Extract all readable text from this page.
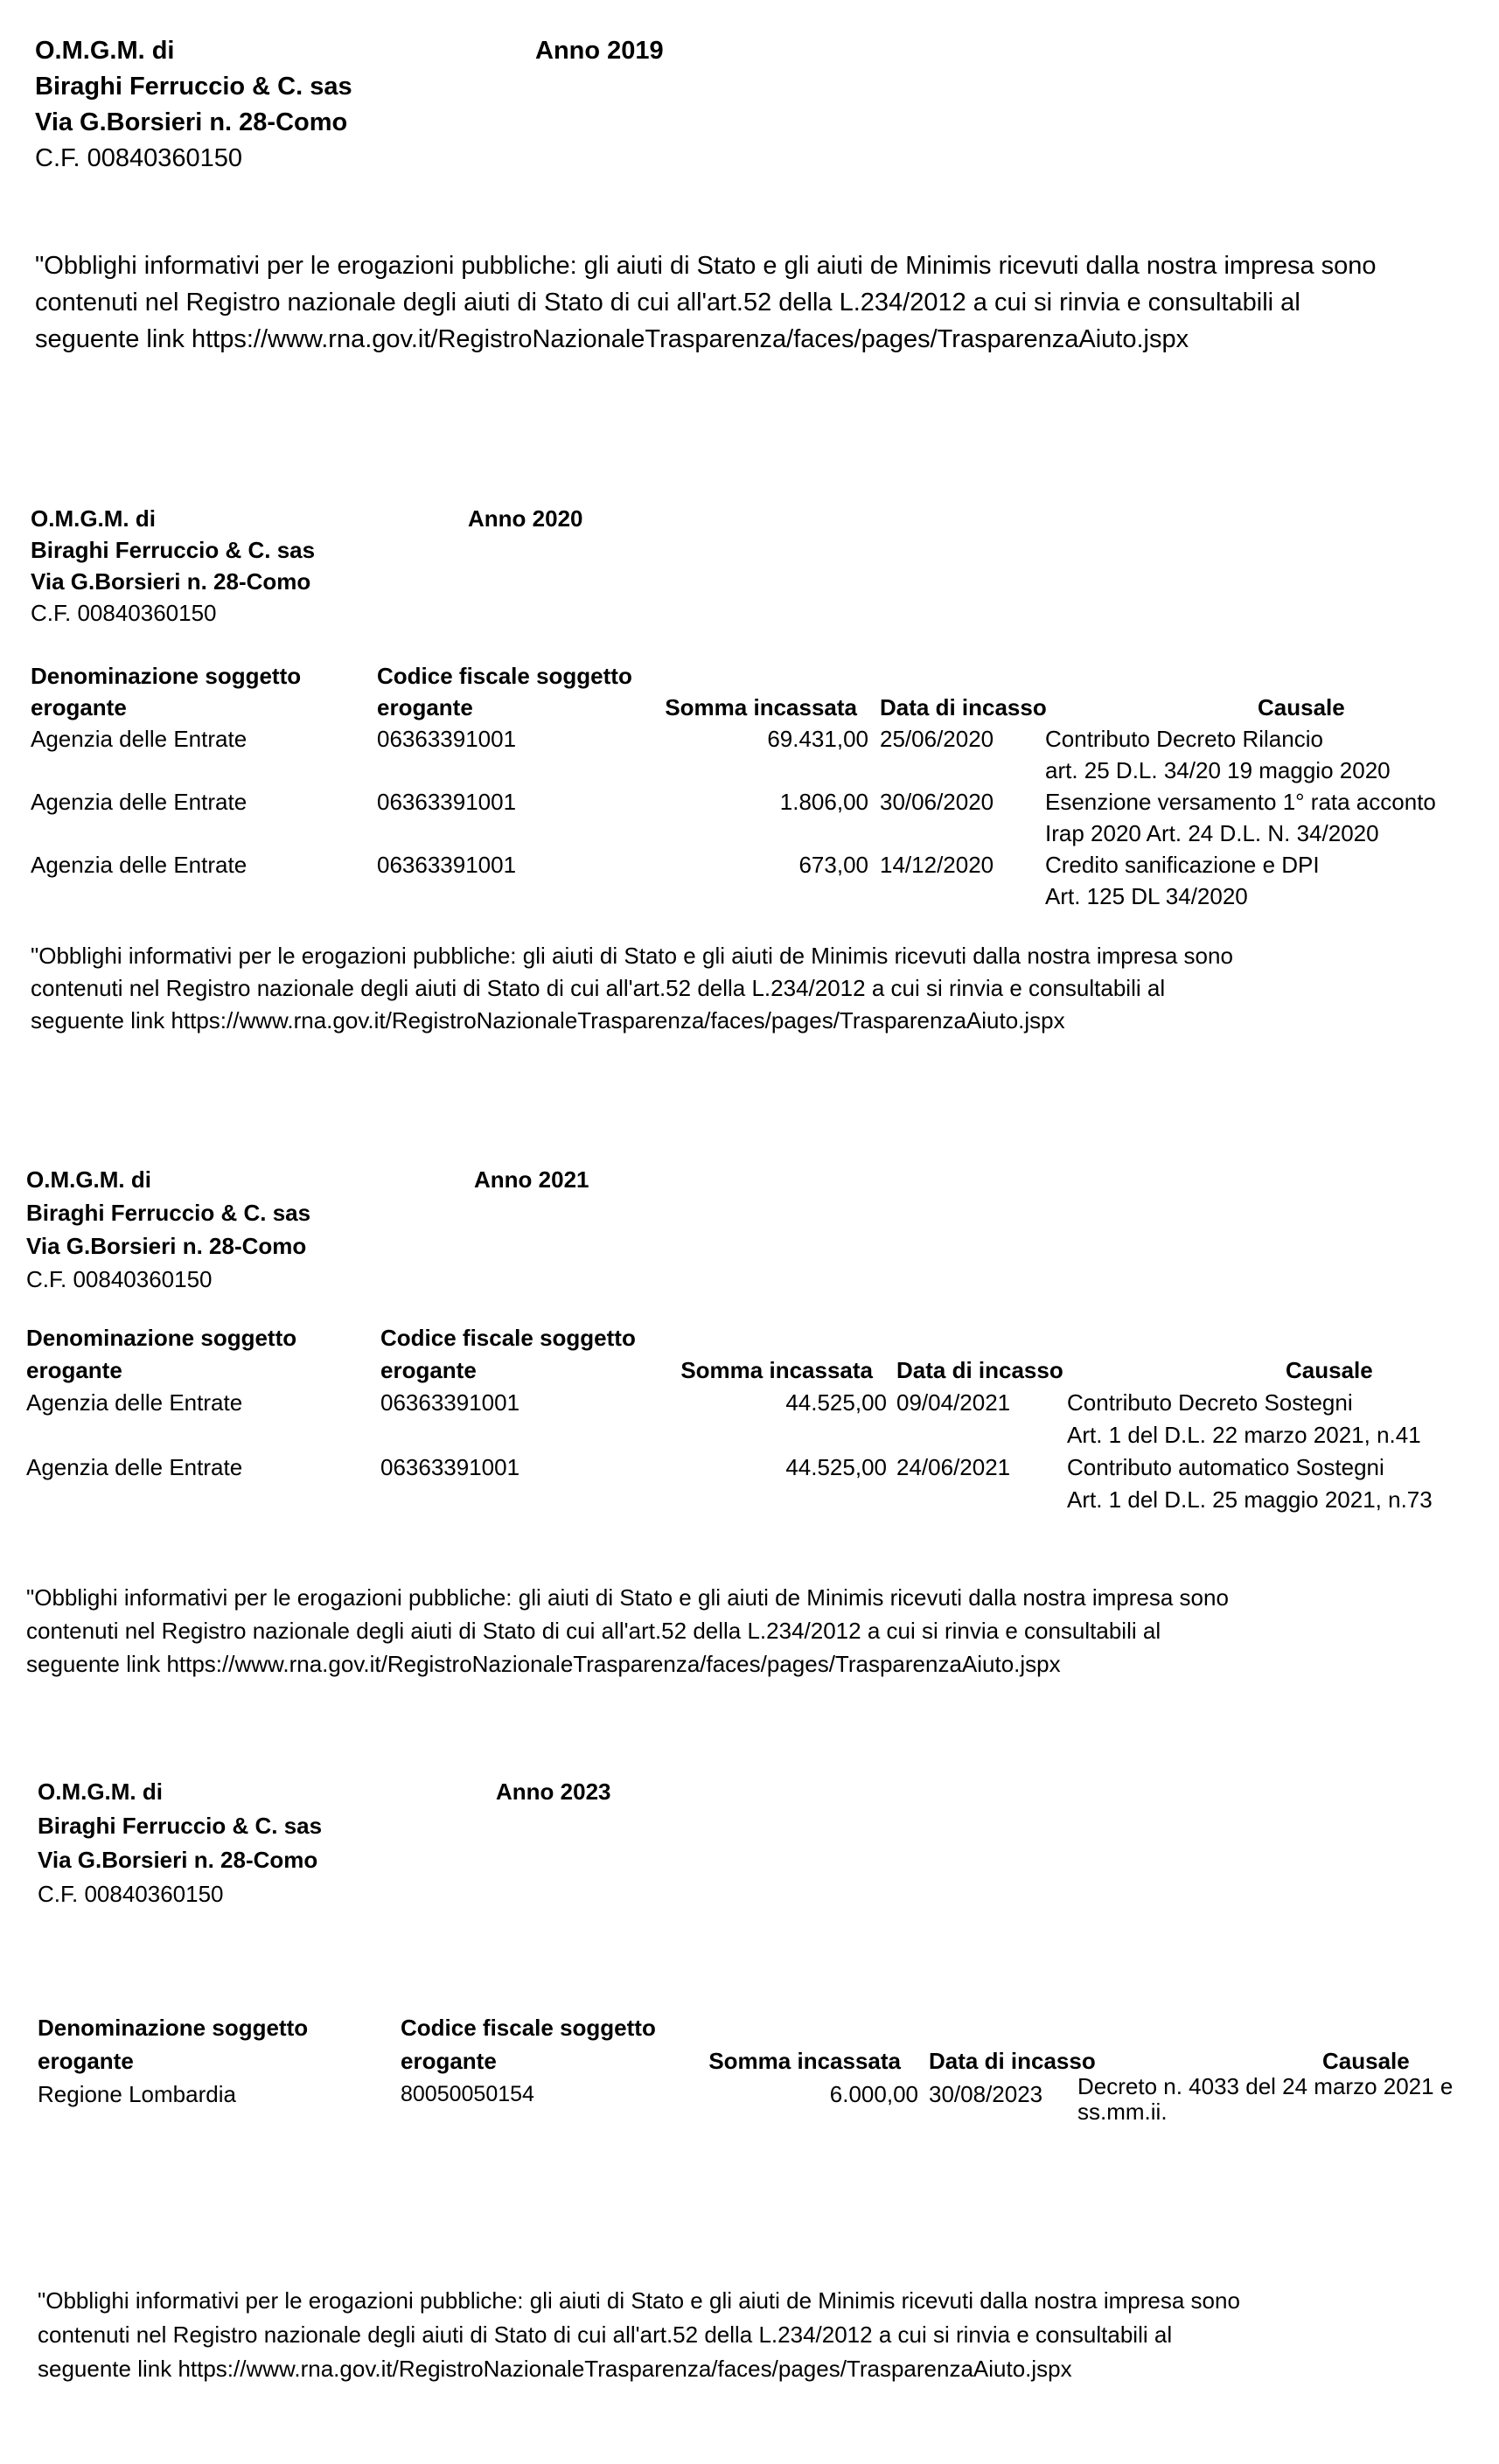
O.M.G.M. di
Biraghi Ferruccio & C. sas
Via G.Borsieri n. 28-Como
C.F. 00840360150
Anno 2019
"Obblighi informativi per le erogazioni pubbliche: gli aiuti di Stato e gli aiuti de Minimis ricevuti dalla nostra impresa sono
contenuti nel Registro nazionale degli aiuti di Stato di cui all'art.52 della L.234/2012 a cui si rinvia e consultabili al
seguente link https://www.rna.gov.it/RegistroNazionaleTrasparenza/faces/pages/TrasparenzaAiuto.jspx
O.M.G.M. di
Biraghi Ferruccio & C. sas
Via G.Borsieri n. 28-Como
C.F. 00840360150
Anno 2020
Denominazione soggetto
erogante
Codice fiscale soggetto
erogante	Somma incassata Data di incasso	Causale
Agenzia delle Entrate	06363391001	69.431,00 25/06/2020 Contributo Decreto Rilancio
art. 25 D.L. 34/20 19 maggio 2020
Agenzia delle Entrate	06363391001	1.806,00 30/06/2020 Esenzione versamento 1° rata acconto
Irap 2020 Art. 24 D.L. N. 34/2020
Agenzia delle Entrate	06363391001	673,00 14/12/2020 Credito sanificazione e DPI
Art. 125 DL 34/2020
"Obblighi informativi per le erogazioni pubbliche: gli aiuti di Stato e gli aiuti de Minimis ricevuti dalla nostra impresa sono
contenuti nel Registro nazionale degli aiuti di Stato di cui all'art.52 della L.234/2012 a cui si rinvia e consultabili al
seguente link https://www.rna.gov.it/RegistroNazionaleTrasparenza/faces/pages/TrasparenzaAiuto.jspx
O.M.G.M. di
Biraghi Ferruccio & C. sas
Via G.Borsieri n. 28-Como
C.F. 00840360150
Anno 2021
Denominazione soggetto
erogante
Codice fiscale soggetto
erogante	Somma incassata Data di incasso	Causale
Agenzia delle Entrate	06363391001	44.525,00 09/04/2021 Contributo Decreto Sostegni
Art. 1 del D.L. 22 marzo 2021, n.41
Agenzia delle Entrate	06363391001	44.525,00 24/06/2021 Contributo automatico Sostegni
Art. 1 del D.L. 25 maggio 2021, n.73
"Obblighi informativi per le erogazioni pubbliche: gli aiuti di Stato e gli aiuti de Minimis ricevuti dalla nostra impresa sono
contenuti nel Registro nazionale degli aiuti di Stato di cui all'art.52 della L.234/2012 a cui si rinvia e consultabili al
seguente link https://www.rna.gov.it/RegistroNazionaleTrasparenza/faces/pages/TrasparenzaAiuto.jspx
O.M.G.M. di
Biraghi Ferruccio & C. sas
Via G.Borsieri n. 28-Como
C.F. 00840360150
Anno 2023
Denominazione soggetto
erogante
Codice fiscale soggetto
erogante	Somma incassata Data di incasso	Causale
Regione Lombardia	80050050154	6.000,00 30/08/2023 Decreto n. 4033 del 24 marzo 2021 e
ss.mm.ii.
"Obblighi informativi per le erogazioni pubbliche: gli aiuti di Stato e gli aiuti de Minimis ricevuti dalla nostra impresa sono
contenuti nel Registro nazionale degli aiuti di Stato di cui all'art.52 della L.234/2012 a cui si rinvia e consultabili al
seguente link https://www.rna.gov.it/RegistroNazionaleTrasparenza/faces/pages/TrasparenzaAiuto.jspx
